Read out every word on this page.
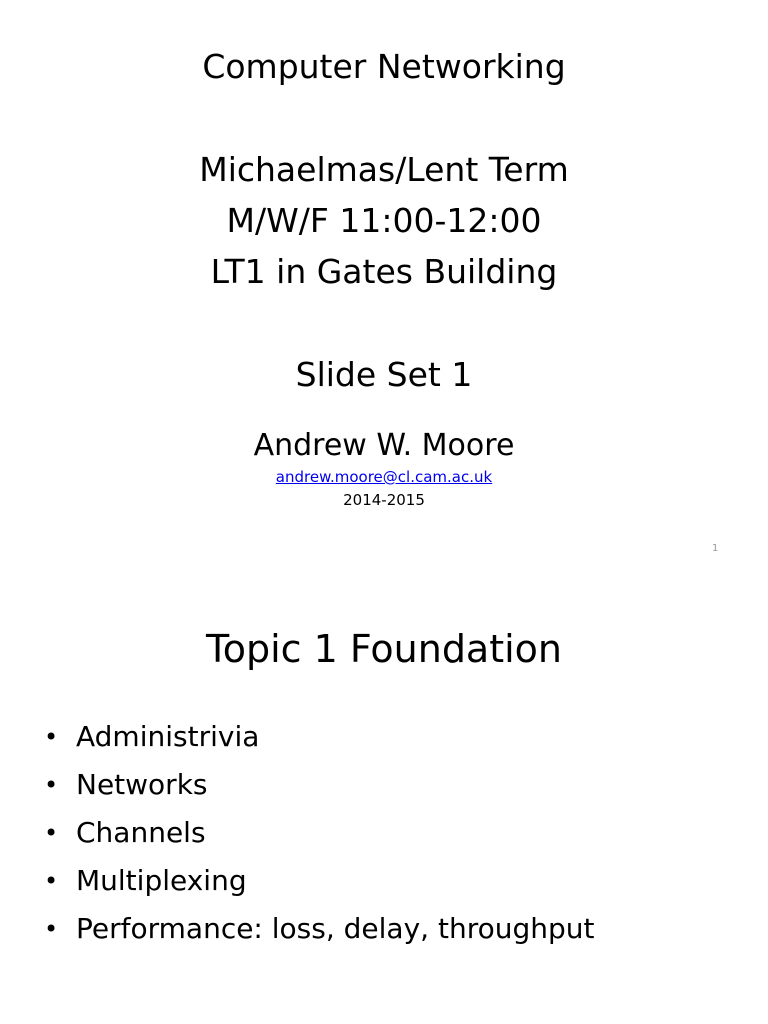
Computer Networking
Michaelmas/Lent Term
M/W/F 11:00-12:00
LT1 in Gates Building
Slide Set 1
Andrew W. Moore
andrew.moore@cl.cam.ac.uk
2014-2015
1
Topic 1 Foundation
• Administrivia
• Networks
• Channels
• Multiplexing
• Performance: loss, delay, throughput
